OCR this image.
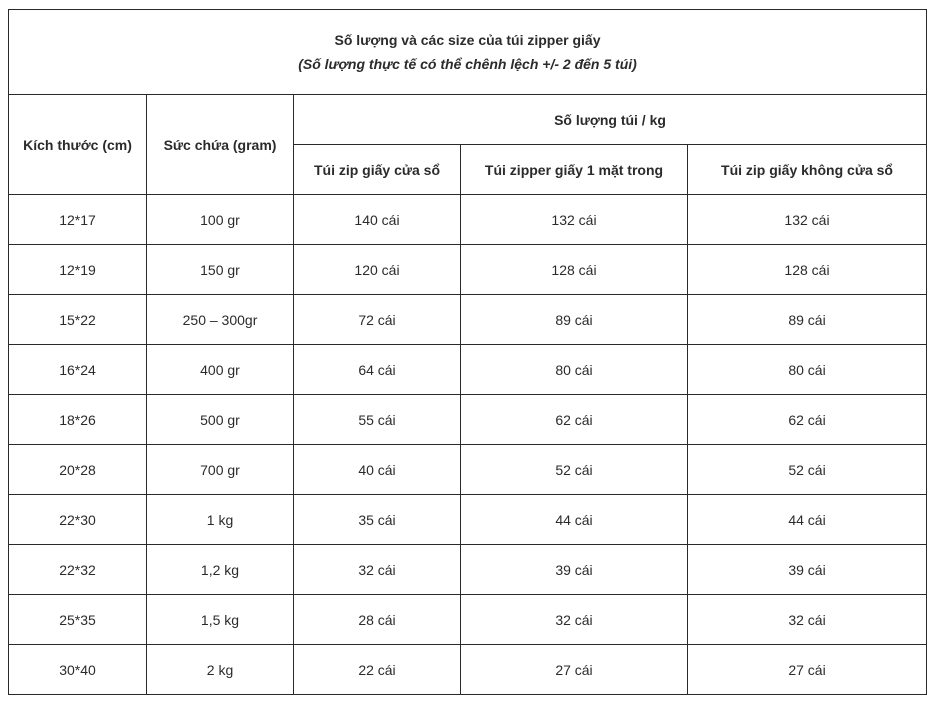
Số lượng và các size của túi zipper giấy
(Số lượng thực tế có thể chênh lệch +/- 2 đến 5 túi)				

Kích thước (cm)	Sức chứa (gram)	Số lượng túi / kg		
		Túi zip giấy cửa sổ	Túi zipper giấy 1 mặt trong	Túi zip giấy không cửa sổ
12*17	100 gr	140 cái	132 cái	132 cái
12*19	150 gr	120 cái	128 cái	128 cái
15*22	250 – 300gr	72 cái	89 cái	89 cái
16*24	400 gr	64 cái	80 cái	80 cái
18*26	500 gr	55 cái	62 cái	62 cái
20*28	700 gr	40 cái	52 cái	52 cái
22*30	1 kg	35 cái	44 cái	44 cái
22*32	1,2 kg	32 cái	39 cái	39 cái
25*35	1,5 kg	28 cái	32 cái	32 cái
30*40	2 kg	22 cái	27 cái	27 cái
